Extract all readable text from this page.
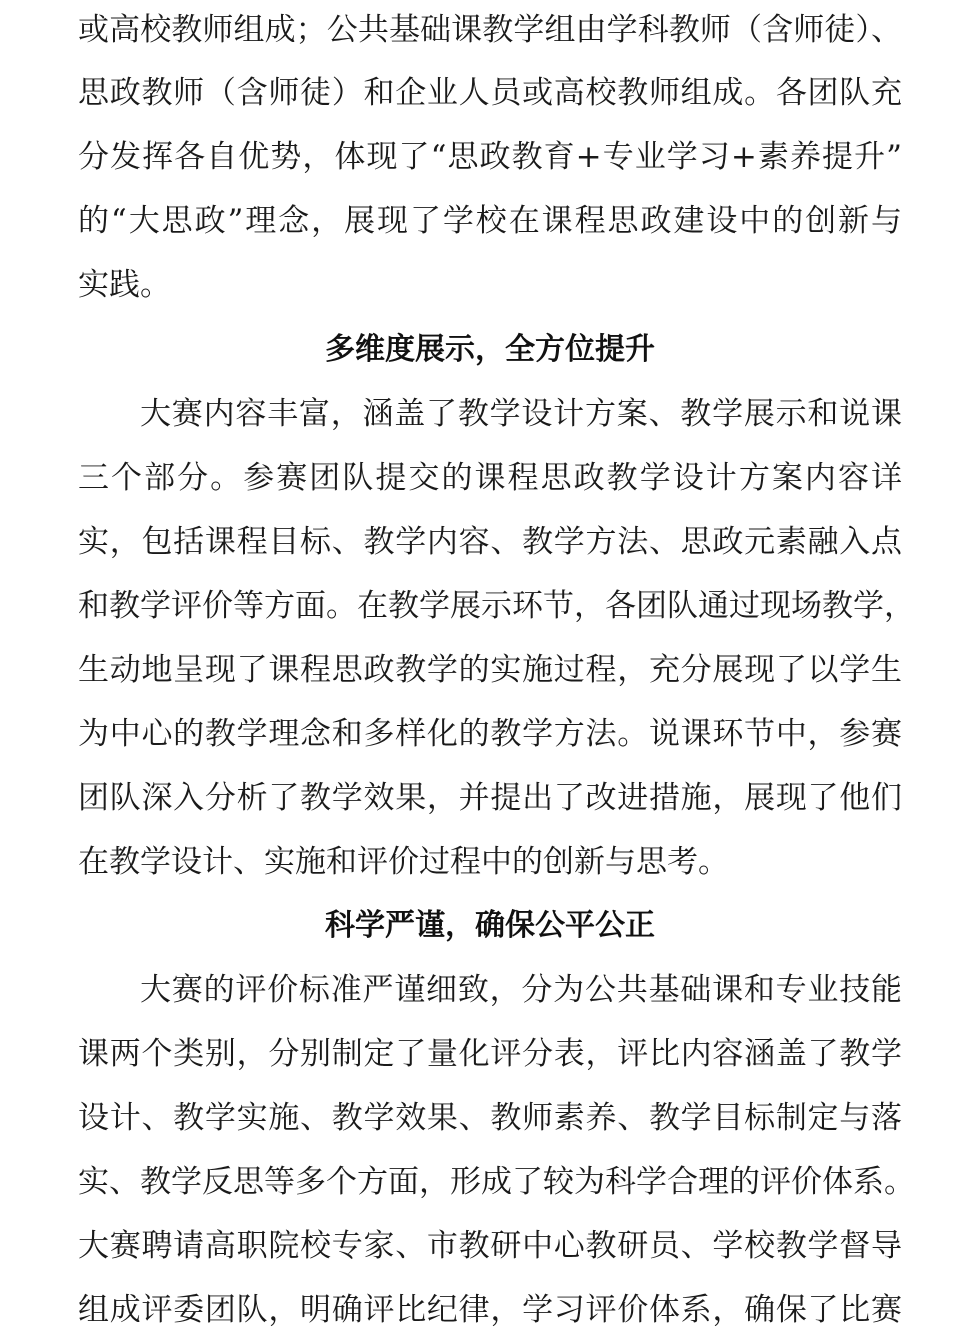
或高校教师组成；公共基础课教学组由学科教师（含师徒）、
思政教师（含师徒）和企业人员或高校教师组成。各团队充
分发挥各自优势，体现了“思政教育+专业学习+素养提升”
的“大思政”理念，展现了学校在课程思政建设中的创新与
实践。
多维度展示，全方位提升
大赛内容丰富，涵盖了教学设计方案、教学展示和说课
三个部分。参赛团队提交的课程思政教学设计方案内容详
实，包括课程目标、教学内容、教学方法、思政元素融入点
和教学评价等方面。在教学展示环节，各团队通过现场教学，
生动地呈现了课程思政教学的实施过程，充分展现了以学生
为中心的教学理念和多样化的教学方法。说课环节中，参赛
团队深入分析了教学效果，并提出了改进措施，展现了他们
在教学设计、实施和评价过程中的创新与思考。
科学严谨，确保公平公正
大赛的评价标准严谨细致，分为公共基础课和专业技能
课两个类别，分别制定了量化评分表，评比内容涵盖了教学
设计、教学实施、教学效果、教师素养、教学目标制定与落
实、教学反思等多个方面，形成了较为科学合理的评价体系。
大赛聘请高职院校专家、市教研中心教研员、学校教学督导
组成评委团队，明确评比纪律，学习评价体系，确保了比赛
